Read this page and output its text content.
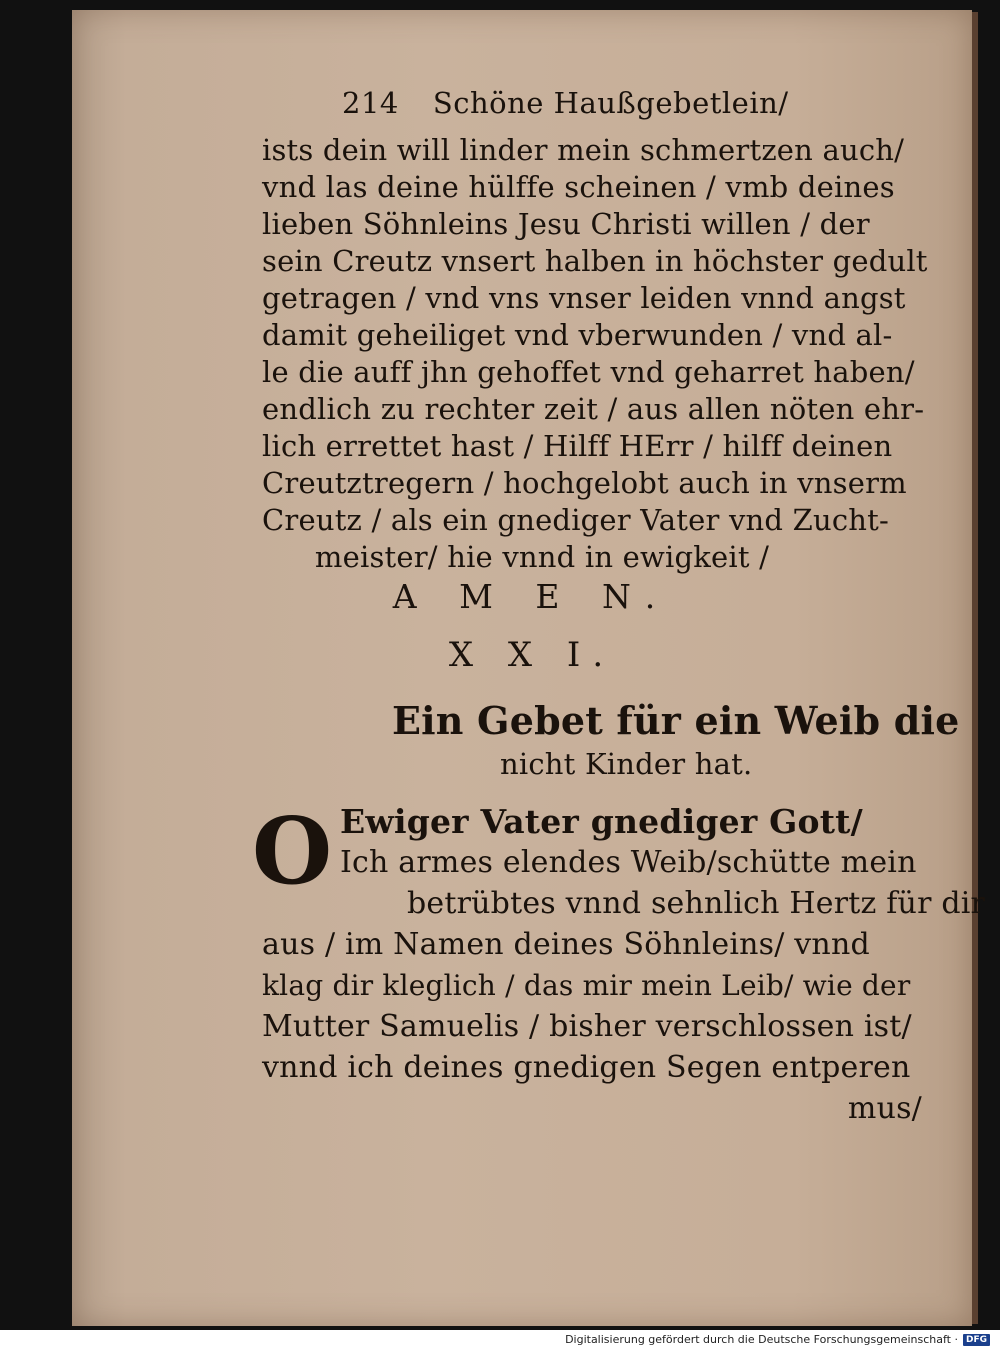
214 Schöne Haußgebetlein/
ists dein will linder mein schmertzen auch/
vnd las deine hülffe scheinen / vmb deines
lieben Söhnleins Jesu Christi willen / der
sein Creutz vnsert halben in höchster gedult
getragen / vnd vns vnser leiden vnnd angst
damit geheiliget vnd vberwunden / vnd al-
le die auff jhn gehoffet vnd geharret haben/
endlich zu rechter zeit / aus allen nöten ehr-
lich errettet hast / Hilff HErr / hilff deinen
Creutztregern / hochgelobt auch in vnserm
Creutz / als ein gnediger Vater vnd Zucht-
meister/ hie vnnd in ewigkeit /
A M E N.
X X I.
Ein Gebet für ein Weib die
nicht Kinder hat.
O Ewiger Vater gnediger Gott/
Ich armes elendes Weib/schütte mein
betrübtes vnnd sehnlich Hertz für dir
aus / im Namen deines Söhnleins/ vnnd
klag dir kleglich / das mir mein Leib/ wie der
Mutter Samuelis / bisher verschlossen ist/
vnnd ich deines gnedigen Segen entperen
mus/
Digitalisierung gefördert durch die Deutsche Forschungsgemeinschaft · DFG
